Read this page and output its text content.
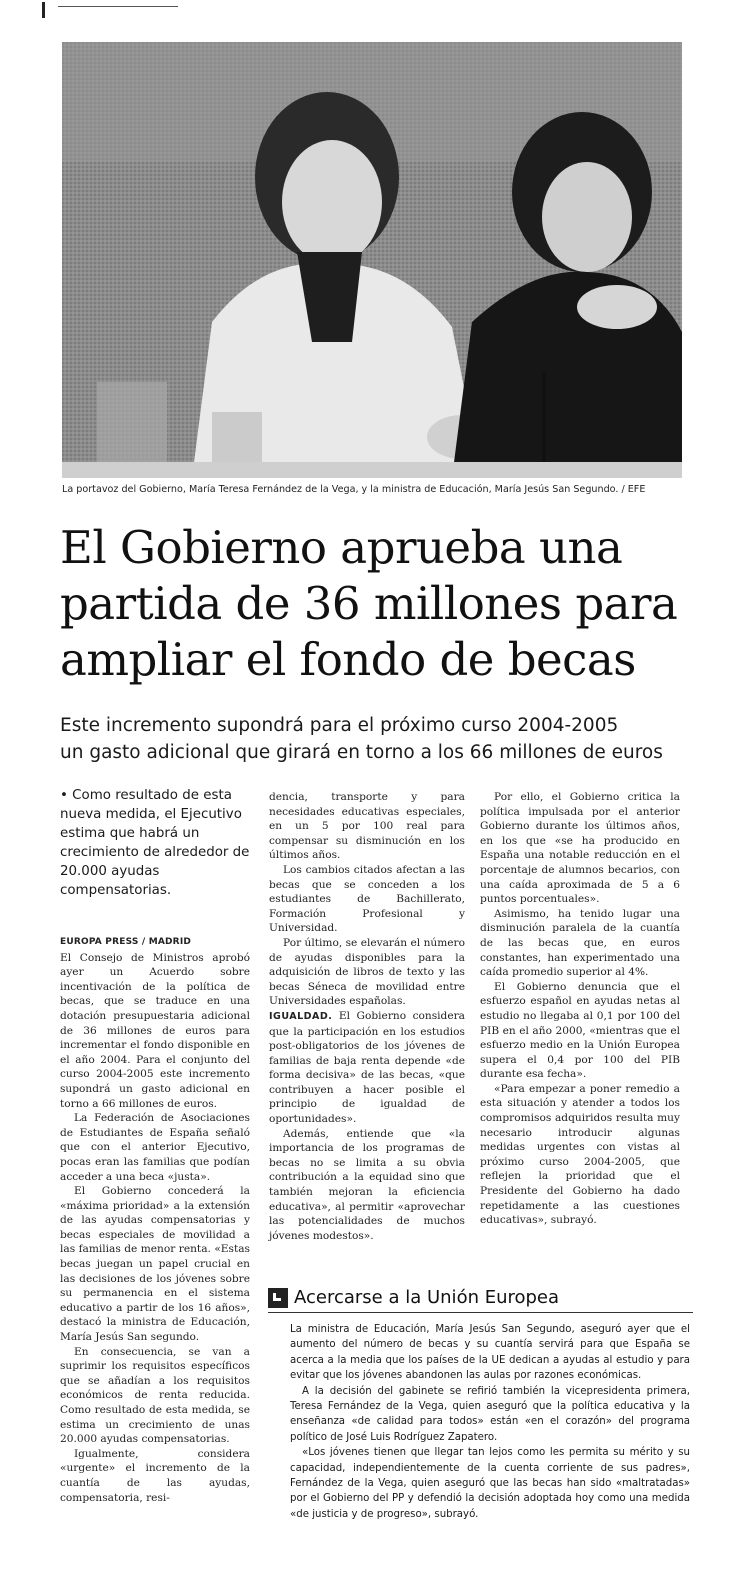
La portavoz del Gobierno, María Teresa Fernández de la Vega, y la ministra de Educación, María Jesús San Segundo. / EFE
El Gobierno aprueba una
partida de 36 millones para
ampliar el fondo de becas
Este incremento supondrá para el próximo curso 2004-2005
un gasto adicional que girará en torno a los 66 millones de euros
• Como resultado de esta nueva medida, el Ejecutivo estima que habrá un crecimiento de alrededor de 20.000 ayudas compensatorias.
EUROPA PRESS / MADRID

El Consejo de Ministros aprobó ayer un Acuerdo sobre incentivación de la política de becas, que se traduce en una dotación presupuestaria adicional de 36 millones de euros para incrementar el fondo disponible en el año 2004. Para el conjunto del curso 2004-2005 este incremento supondrá un gasto adicional en torno a 66 millones de euros.

La Federación de Asociaciones de Estudiantes de España señaló que con el anterior Ejecutivo, pocas eran las familias que podían acceder a una beca «justa».

El Gobierno concederá la «máxima prioridad» a la extensión de las ayudas compensatorias y becas especiales de movilidad a las familias de menor renta. «Estas becas juegan un papel crucial en las decisiones de los jóvenes sobre su permanencia en el sistema educativo a partir de los 16 años», destacó la ministra de Educación, María Jesús San segundo.

En consecuencia, se van a suprimir los requisitos específicos que se añadían a los requisitos económicos de renta reducida. Como resultado de esta medida, se estima un crecimiento de unas 20.000 ayudas compensatorias.

Igualmente, considera «urgente» el incremento de la cuantía de las ayudas, compensatoria, resi-

dencia, transporte y para necesidades educativas especiales, en un 5 por 100 real para compensar su disminución en los últimos años.

Los cambios citados afectan a las becas que se conceden a los estudiantes de Bachillerato, Formación Profesional y Universidad.

Por último, se elevarán el número de ayudas disponibles para la adquisición de libros de texto y las becas Séneca de movilidad entre Universidades españolas.

IGUALDAD. El Gobierno considera que la participación en los estudios post-obligatorios de los jóvenes de familias de baja renta depende «de forma decisiva» de las becas, «que contribuyen a hacer posible el principio de igualdad de oportunidades».

Además, entiende que «la importancia de los programas de becas no se limita a su obvia contribución a la equidad sino que también mejoran la eficiencia educativa», al permitir «aprovechar las potencialidades de muchos jóvenes modestos».

Por ello, el Gobierno critica la política impulsada por el anterior Gobierno durante los últimos años, en los que «se ha producido en España una notable reducción en el porcentaje de alumnos becarios, con una caída aproximada de 5 a 6 puntos porcentuales».

Asimismo, ha tenido lugar una disminución paralela de la cuantía de las becas que, en euros constantes, han experimentado una caída promedio superior al 4%.

El Gobierno denuncia que el esfuerzo español en ayudas netas al estudio no llegaba al 0,1 por 100 del PIB en el año 2000, «mientras que el esfuerzo medio en la Unión Europea supera el 0,4 por 100 del PIB durante esa fecha».

«Para empezar a poner remedio a esta situación y atender a todos los compromisos adquiridos resulta muy necesario introducir algunas medidas urgentes con vistas al próximo curso 2004-2005, que reflejen la prioridad que el Presidente del Gobierno ha dado repetidamente a las cuestiones educativas», subrayó.

Acercarse a la Unión Europea

La ministra de Educación, María Jesús San Segundo, aseguró ayer que el aumento del número de becas y su cuantía servirá para que España se acerca a la media que los países de la UE dedican a ayudas al estudio y para evitar que los jóvenes abandonen las aulas por razones económicas.

A la decisión del gabinete se refirió también la vicepresidenta primera, Teresa Fernández de la Vega, quien aseguró que la política educativa y la enseñanza «de calidad para todos» están «en el corazón» del programa político de José Luis Rodríguez Zapatero.

«Los jóvenes tienen que llegar tan lejos como les permita su mérito y su capacidad, independientemente de la cuenta corriente de sus padres», Fernández de la Vega, quien aseguró que las becas han sido «maltratadas» por el Gobierno del PP y defendió la decisión adoptada hoy como una medida «de justicia y de progreso», subrayó.
